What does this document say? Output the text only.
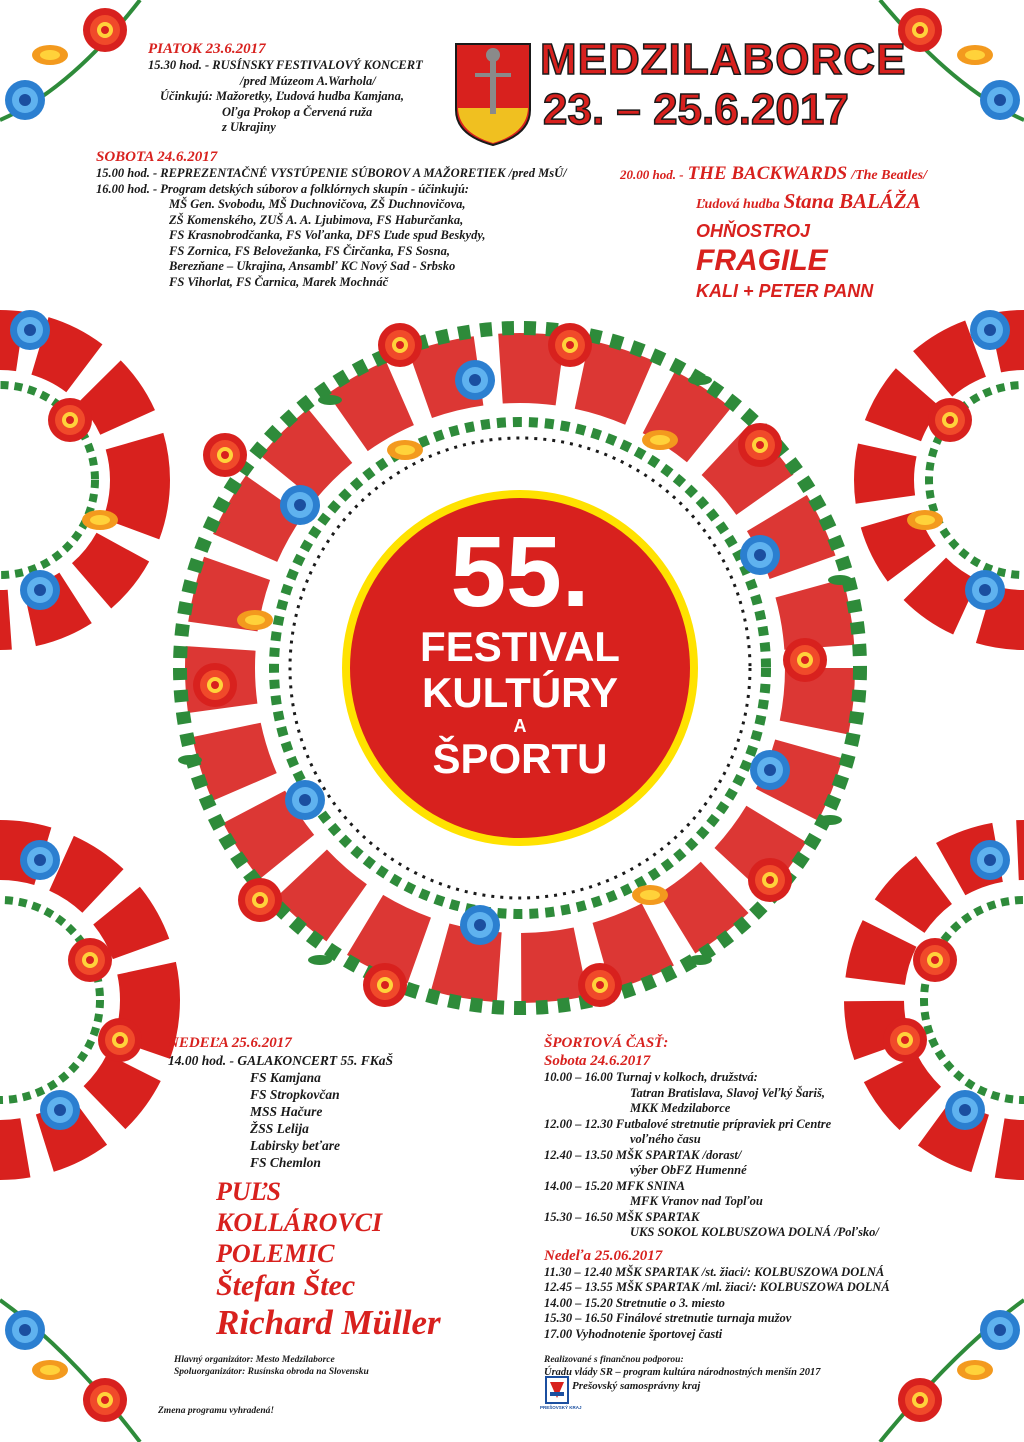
MEDZILABORCE
23. – 25.6.2017
PIATOK 23.6.2017
15.30 hod. - RUSÍNSKY FESTIVALOVÝ KONCERT
/pred Múzeom A.Warhola/
Účinkujú: Mažoretky, Ľudová hudba Kamjana,
Oľga Prokop a Červená ruža
z Ukrajiny
SOBOTA 24.6.2017
15.00 hod. - REPREZENTAČNÉ VYSTÚPENIE SÚBOROV A MAŽORETIEK /pred MsÚ/
16.00 hod. - Program detských súborov a folklórnych skupín - účinkujú:
MŠ Gen. Svobodu, MŠ Duchnovičova, ZŠ Duchnovičova,
ZŠ Komenského, ZUŠ A. A. Ljubimova, FS Haburčanka,
FS Krasnobrodčanka, FS Voľanka, DFS Ľude spud Beskydy,
FS Zornica, FS Belovežanka, FS Čirčanka, FS Sosna,
Berezňane – Ukrajina, Ansambľ KC Nový Sad - Srbsko
FS Vihorlat, FS Čarnica, Marek Mochnáč
20.00 hod. - THE BACKWARDS /The Beatles/
Ľudová hudba Stana BALÁŽA
OHŇOSTROJ
FRAGILE
KALI + PETER PANN
55.
FESTIVAL
KULTÚRY
A
ŠPORTU
NEDEĽA 25.6.2017
14.00 hod. - GALAKONCERT 55. FKaŠ
FS Kamjana
FS Stropkovčan
MSS Hačure
ŽSS Lelija
Labirsky beťare
FS Chemlon
PUĽS
KOLLÁROVCI
POLEMIC
Štefan Štec
Richard Müller
ŠPORTOVÁ ČASŤ:
Sobota 24.6.2017
10.00 – 16.00 Turnaj v kolkoch, družstvá:
Tatran Bratislava, Slavoj Veľký Šariš,
MKK Medzilaborce
12.00 – 12.30 Futbalové stretnutie prípraviek pri Centre
voľného času
12.40 – 13.50 MŠK SPARTAK /dorast/
výber ObFZ Humenné
14.00 – 15.20 MFK SNINA
MFK Vranov nad Topľou
15.30 – 16.50 MŠK SPARTAK
UKS SOKOL KOLBUSZOWA DOLNÁ /Poľsko/
Nedeľa 25.06.2017
11.30 – 12.40 MŠK SPARTAK /st. žiaci/: KOLBUSZOWA DOLNÁ
12.45 – 13.55 MŠK SPARTAK /ml. žiaci/: KOLBUSZOWA DOLNÁ
14.00 – 15.20 Stretnutie o 3. miesto
15.30 – 16.50 Finálové stretnutie turnaja mužov
17.00 Vyhodnotenie športovej časti
Hlavný organizátor: Mesto Medzilaborce
Spoluorganizátor: Rusínska obroda na Slovensku
Zmena programu vyhradená!
Realizované s finančnou podporou:
Úradu vlády SR – program kultúra národnostných menšín 2017
Prešovský samosprávny kraj
PREŠOVSKÝ KRAJ
